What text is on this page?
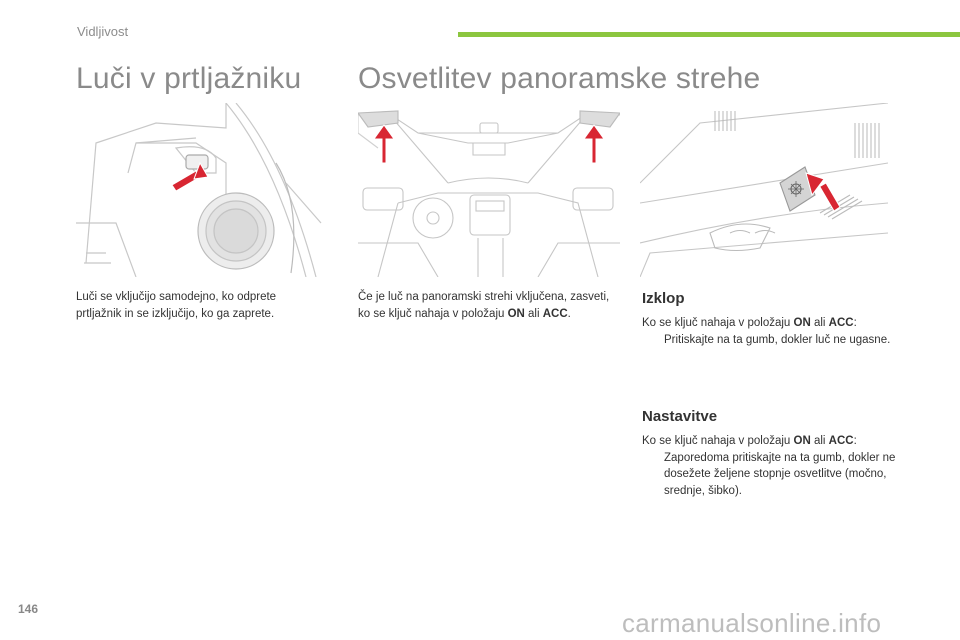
Vidljivost
Luči v prtljažniku Osvetlitev panoramske strehe
Luči se vključijo samodejno, ko odprete prtljažnik in se izključijo, ko ga zaprete.
Če je luč na panoramski strehi vključena, zasveti, ko se ključ nahaja v položaju ON ali ACC.
Izklop
Ko se ključ nahaja v položaju ON ali ACC:
Pritiskajte na ta gumb, dokler luč ne ugasne.
Nastavitve
Ko se ključ nahaja v položaju ON ali ACC:
Zaporedoma pritiskajte na ta gumb, dokler ne dosežete željene stopnje osvetlitve (močno, srednje, šibko).
146	carmanualsonline.info
